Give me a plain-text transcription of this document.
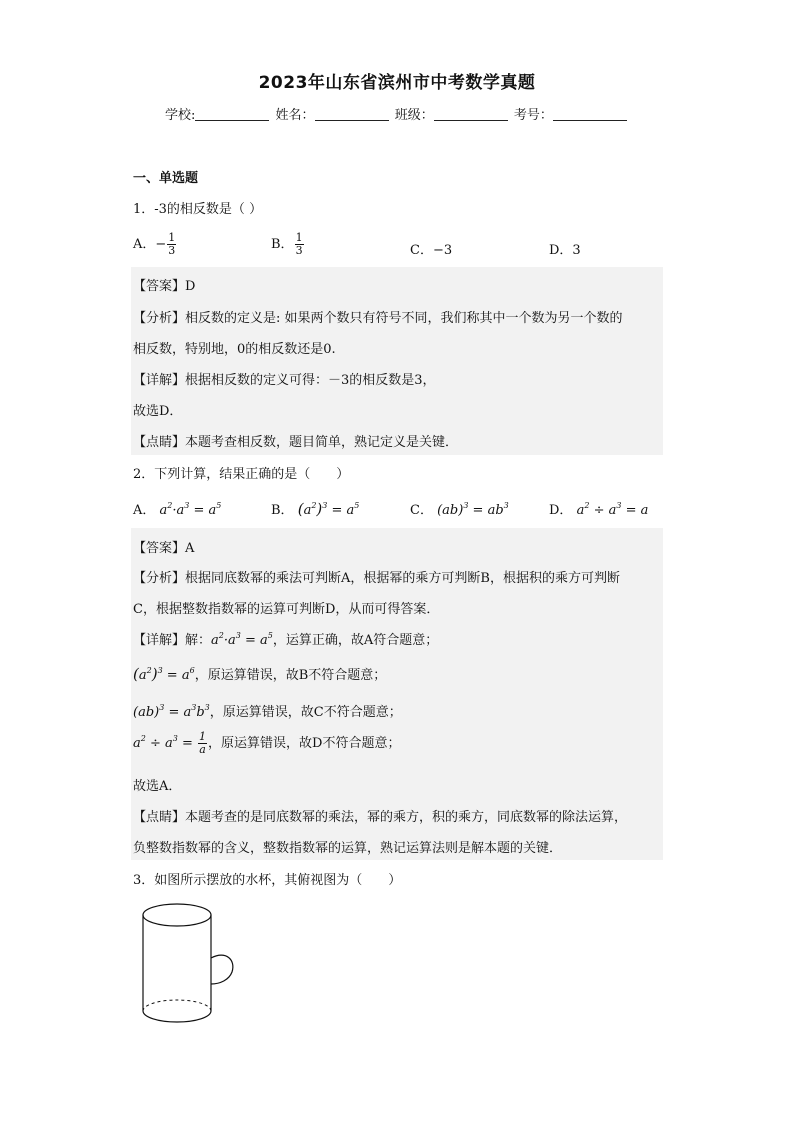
2023年山东省滨州市中考数学真题
学校:	姓名：	班级：	考号：
一、单选题
1．-3的相反数是（ ）
A．− $\frac{1}{3}$	B． $\frac{1}{3}$	C．−3	D．3
【答案】D
【分析】相反数的定义是: 如果两个数只有符号不同，我们称其中一个数为另一个数的
相反数，特别地，0的相反数还是0.
【详解】根据相反数的定义可得：－3的相反数是3，
故选D．
【点睛】本题考查相反数，题目简单，熟记定义是关键．
2．下列计算，结果正确的是（　　）
A． $a^2\cdot a^3 = a^5$	B． $(a^2)^3 = a^5$	C． $(ab)^3 = ab^3$	D． $a^2 \div a^3 = a$
【答案】A
【分析】根据同底数幂的乘法可判断A，根据幂的乘方可判断B，根据积的乘方可判断
C，根据整数指数幂的运算可判断D，从而可得答案．
【详解】解：$a^2\cdot a^3 = a^5$，运算正确，故A符合题意；
$(a^2)^3 = a^6$，原运算错误，故B不符合题意；
$(ab)^3 = a^3b^3$，原运算错误，故C不符合题意；
$a^2 \div a^3 = \frac{1}{a}$ ，原运算错误，故D不符合题意；
故选A．
【点睛】本题考查的是同底数幂的乘法，幂的乘方，积的乘方，同底数幂的除法运算，
负整数指数幂的含义，整数指数幂的运算，熟记运算法则是解本题的关键．
3．如图所示摆放的水杯，其俯视图为（　　）
